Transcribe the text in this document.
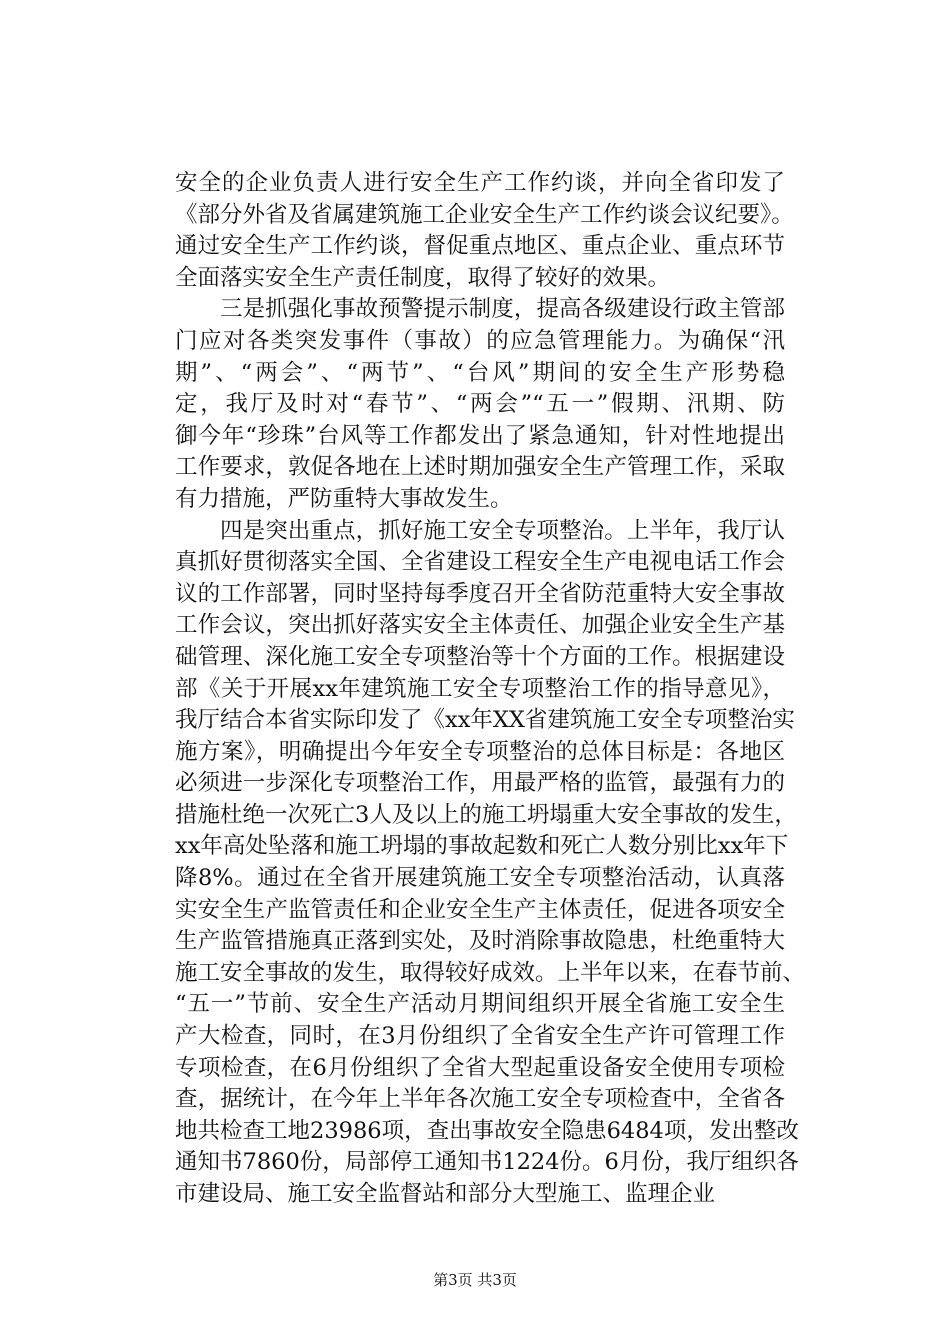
安全的企业负责人进行安全生产工作约谈，并向全省印发了
《部分外省及省属建筑施工企业安全生产工作约谈会议纪要》。
通过安全生产工作约谈，督促重点地区、重点企业、重点环节
全面落实安全生产责任制度，取得了较好的效果。
三是抓强化事故预警提示制度，提高各级建设行政主管部
门应对各类突发事件（事故）的应急管理能力。为确保“汛
期”、“两会”、“两节”、“台风”期间的安全生产形势稳
定，我厅及时对“春节”、“两会”“五一”假期、汛期、防
御今年“珍珠”台风等工作都发出了紧急通知，针对性地提出
工作要求，敦促各地在上述时期加强安全生产管理工作，采取
有力措施，严防重特大事故发生。
四是突出重点，抓好施工安全专项整治。上半年，我厅认
真抓好贯彻落实全国、全省建设工程安全生产电视电话工作会
议的工作部署，同时坚持每季度召开全省防范重特大安全事故
工作会议，突出抓好落实安全主体责任、加强企业安全生产基
础管理、深化施工安全专项整治等十个方面的工作。根据建设
部《关于开展xx年建筑施工安全专项整治工作的指导意见》，
我厅结合本省实际印发了《xx年XX省建筑施工安全专项整治实
施方案》，明确提出今年安全专项整治的总体目标是：各地区
必须进一步深化专项整治工作，用最严格的监管，最强有力的
措施杜绝一次死亡3人及以上的施工坍塌重大安全事故的发生，
xx年高处坠落和施工坍塌的事故起数和死亡人数分别比xx年下
降8%。通过在全省开展建筑施工安全专项整治活动，认真落
实安全生产监管责任和企业安全生产主体责任，促进各项安全
生产监管措施真正落到实处，及时消除事故隐患，杜绝重特大
施工安全事故的发生，取得较好成效。上半年以来，在春节前、
“五一”节前、安全生产活动月期间组织开展全省施工安全生
产大检查，同时，在3月份组织了全省安全生产许可管理工作
专项检查，在6月份组织了全省大型起重设备安全使用专项检
查，据统计，在今年上半年各次施工安全专项检查中，全省各
地共检查工地23986项，查出事故安全隐患6484项，发出整改
通知书7860份，局部停工通知书1224份。6月份，我厅组织各
市建设局、施工安全监督站和部分大型施工、监理企业
第3页 共3页
